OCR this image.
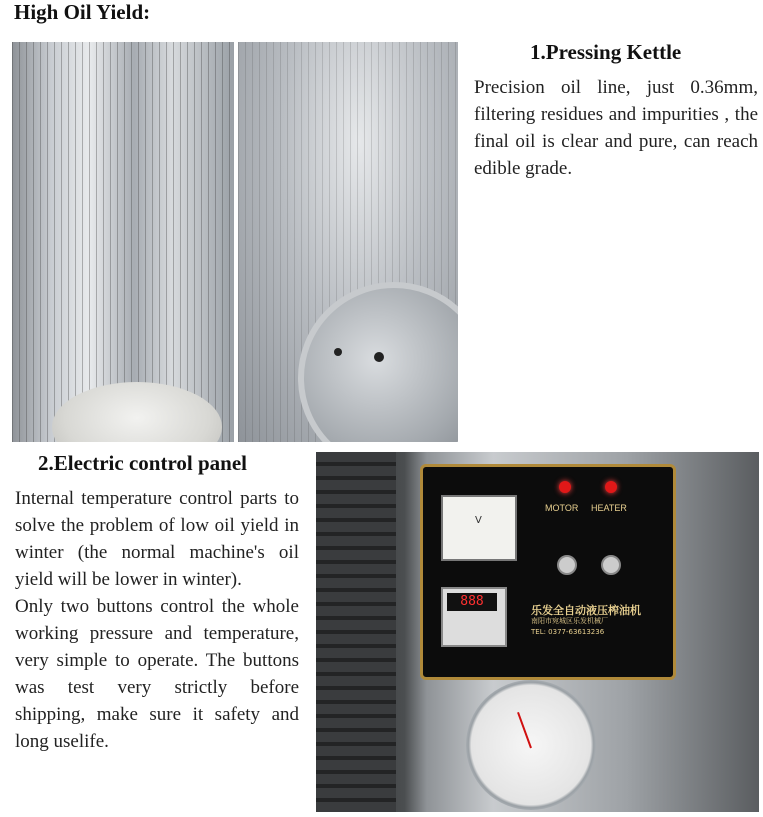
High Oil Yield:
1.Pressing Kettle
Precision oil line, just 0.36mm, filtering residues and impurities , the final oil is clear and pure, can reach edible grade.
2.Electric control panel
Internal temperature control parts to solve the problem of low oil yield in winter (the normal machine's oil yield will be lower in winter).
Only two buttons control the whole working pressure and temperature, very simple to operate. The buttons was test very strictly before shipping, make sure it safety and long uselife.
V
MOTOR HEATER
888
乐发全自动液压榨油机
南阳市宛城区乐发机械厂
TEL: 0377-63613236
